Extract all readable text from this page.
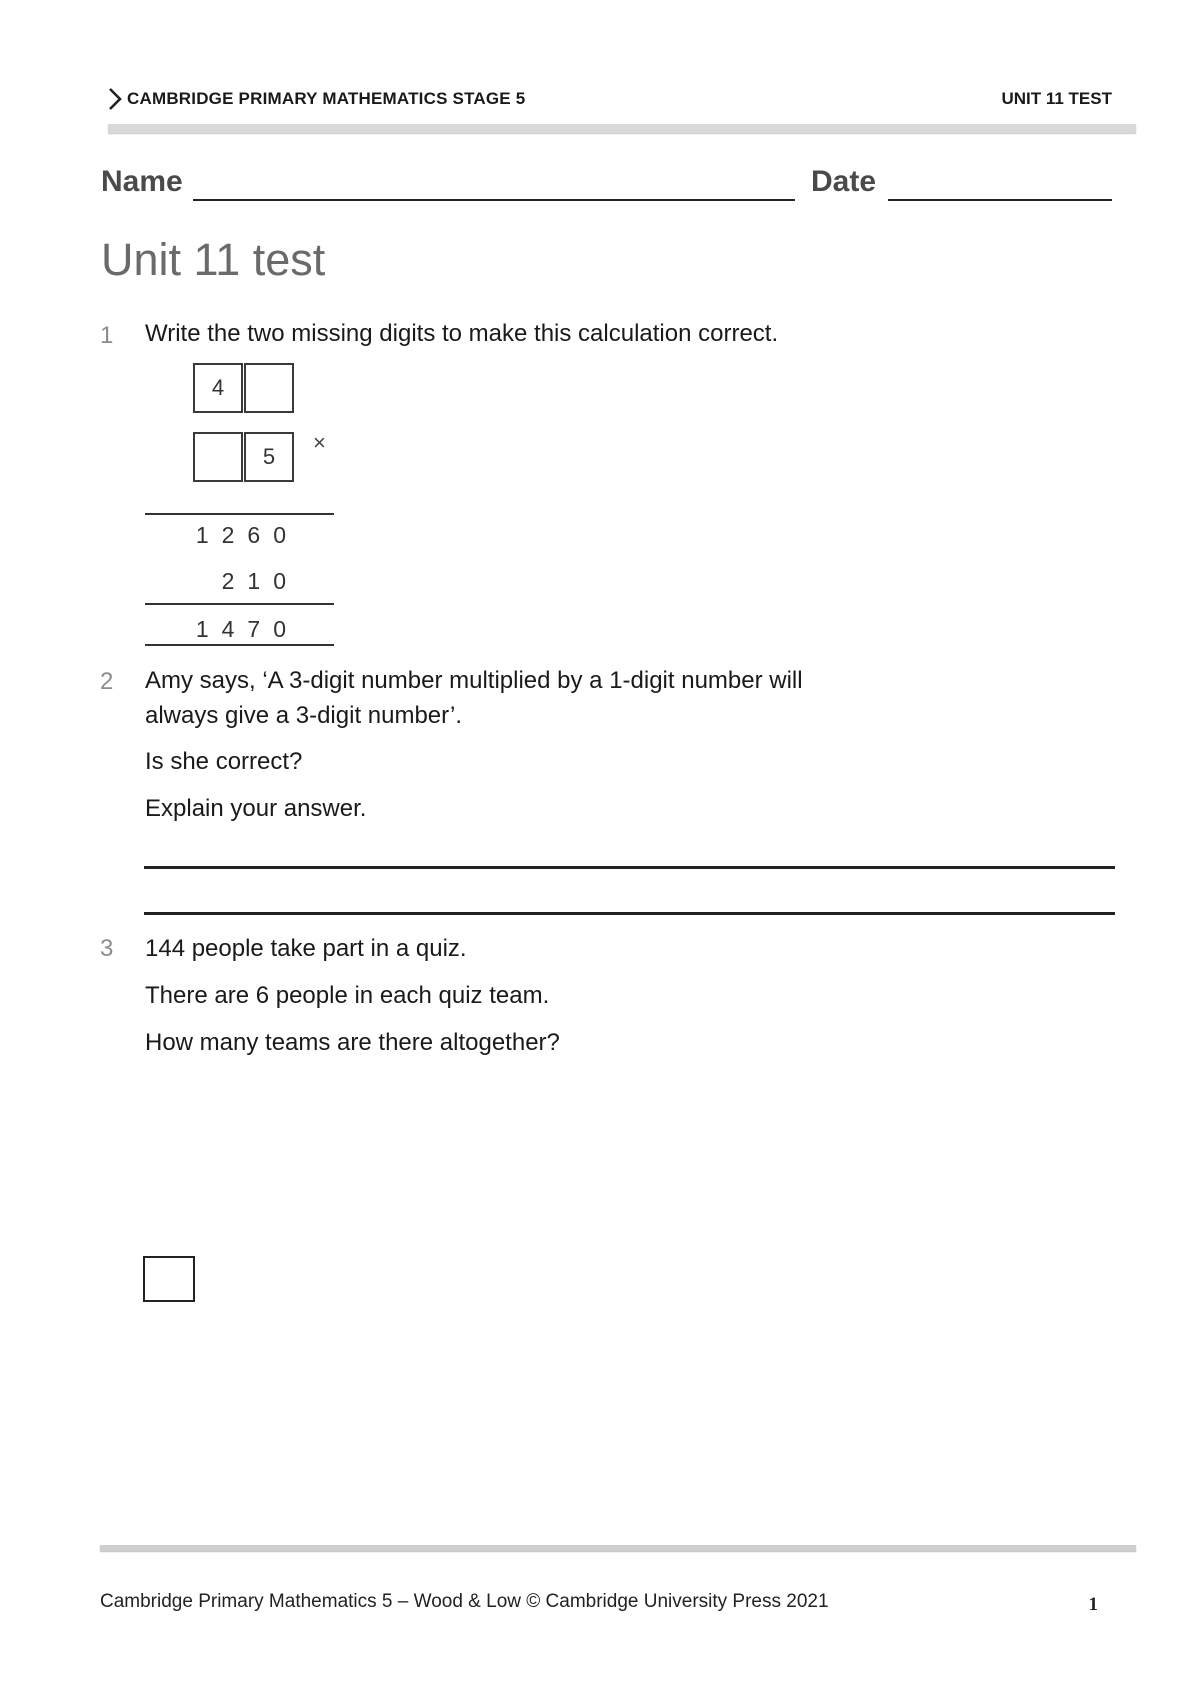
CAMBRIDGE PRIMARY MATHEMATICS STAGE 5	UNIT 11 TEST
Name	Date
Unit 11 test
1 Write the two missing digits to make this calculation correct.
4
5
×
1260
210
1470
2 Amy says, ‘A 3-digit number multiplied by a 1-digit number will
always give a 3-digit number’.
Is she correct?
Explain your answer.
3 144 people take part in a quiz.
There are 6 people in each quiz team.
How many teams are there altogether?
Cambridge Primary Mathematics 5 – Wood & Low © Cambridge University Press 2021	1
